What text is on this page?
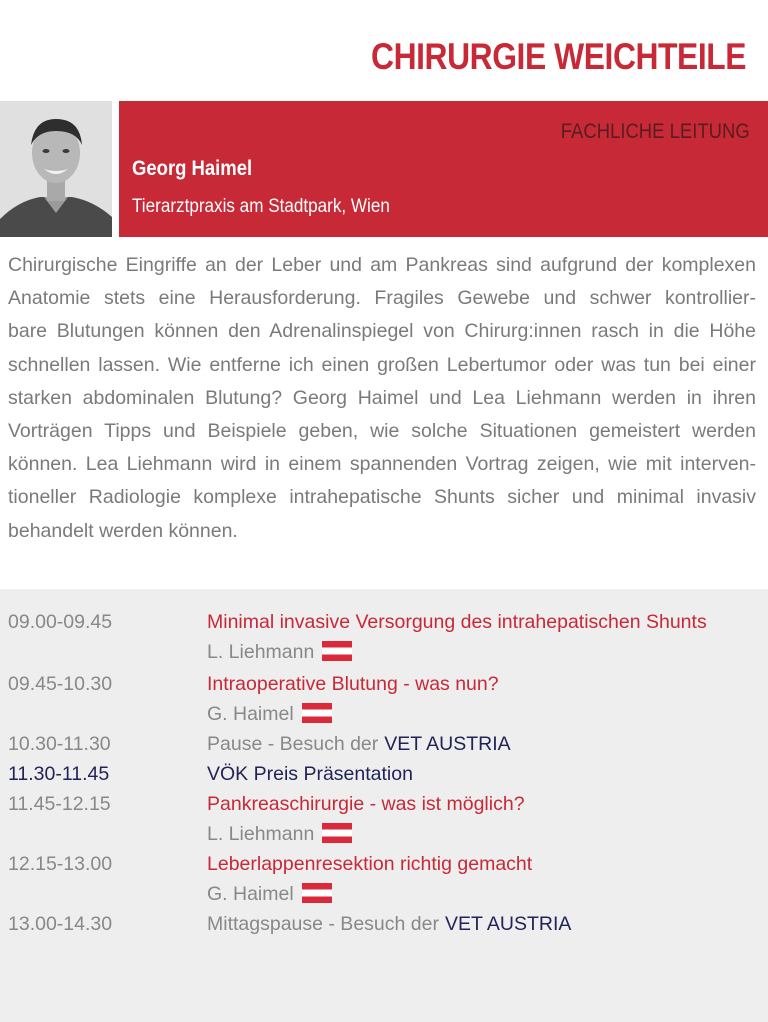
CHIRURGIE WEICHTEILE
FACHLICHE LEITUNG
Georg Haimel
Tierarztpraxis am Stadtpark, Wien
Chirurgische Eingriffe an der Leber und am Pankreas sind aufgrund der komplexen
Anatomie stets eine Herausforderung. Fragiles Gewebe und schwer kontrollier-
bare Blutungen können den Adrenalinspiegel von Chirurg:innen rasch in die Höhe
schnellen lassen. Wie entferne ich einen großen Lebertumor oder was tun bei einer
starken abdominalen Blutung? Georg Haimel und Lea Liehmann werden in ihren
Vorträgen Tipps und Beispiele geben, wie solche Situationen gemeistert werden
können. Lea Liehmann wird in einem spannenden Vortrag zeigen, wie mit interven-
tioneller Radiologie komplexe intrahepatische Shunts sicher und minimal invasiv
behandelt werden können.
09.00-09.45	Minimal invasive Versorgung des intrahepatischen Shunts
L. Liehmann
09.45-10.30	Intraoperative Blutung - was nun?
G. Haimel
10.30-11.30	Pause - Besuch der VET AUSTRIA
11.30-11.45	VÖK Preis Präsentation
11.45-12.15	Pankreaschirurgie - was ist möglich?
L. Liehmann
12.15-13.00	Leberlappenresektion richtig gemacht
G. Haimel
13.00-14.30	Mittagspause - Besuch der VET AUSTRIA
